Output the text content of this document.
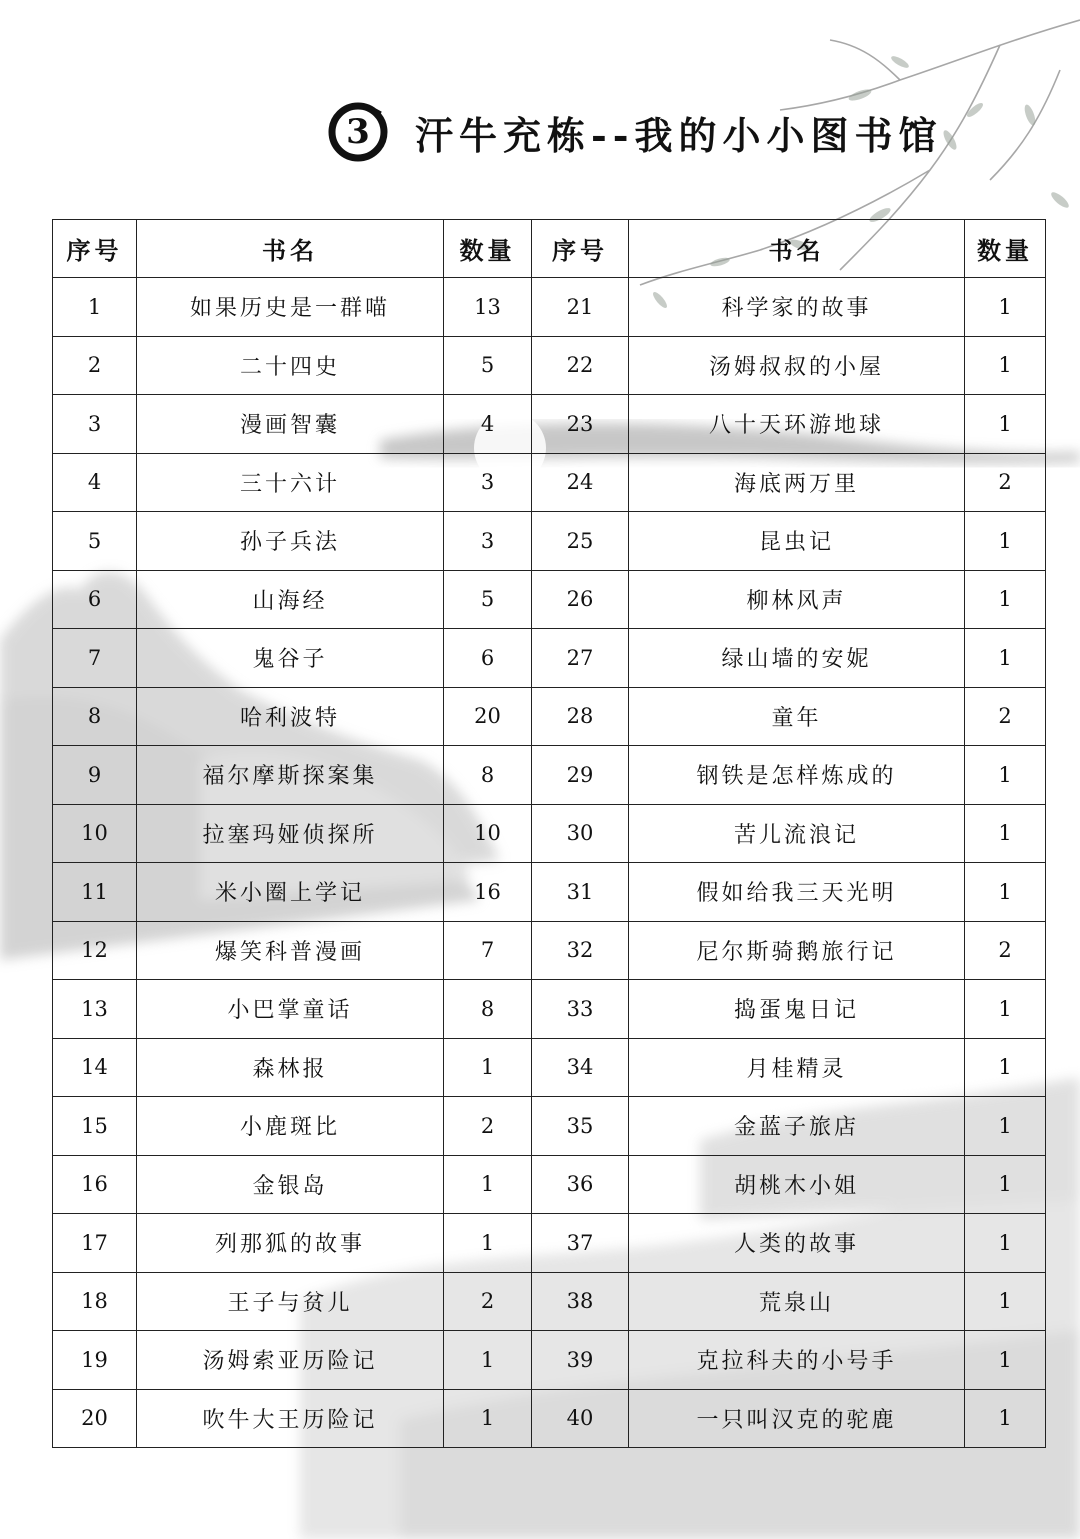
3	汗牛充栋--我的小小图书馆
序号	书名	数量	序号	书名	数量
1	如果历史是一群喵	13	21	科学家的故事	1
2	二十四史	5	22	汤姆叔叔的小屋	1
3	漫画智囊	4	23	八十天环游地球	1
4	三十六计	3	24	海底两万里	2
5	孙子兵法	3	25	昆虫记	1
6	山海经	5	26	柳林风声	1
7	鬼谷子	6	27	绿山墙的安妮	1
8	哈利波特	20	28	童年	2
9	福尔摩斯探案集	8	29	钢铁是怎样炼成的	1
10	拉塞玛娅侦探所	10	30	苦儿流浪记	1
11	米小圈上学记	16	31	假如给我三天光明	1
12	爆笑科普漫画	7	32	尼尔斯骑鹅旅行记	2
13	小巴掌童话	8	33	捣蛋鬼日记	1
14	森林报	1	34	月桂精灵	1
15	小鹿斑比	2	35	金蓝子旅店	1
16	金银岛	1	36	胡桃木小姐	1
17	列那狐的故事	1	37	人类的故事	1
18	王子与贫儿	2	38	荒泉山	1
19	汤姆索亚历险记	1	39	克拉科夫的小号手	1
20	吹牛大王历险记	1	40	一只叫汉克的驼鹿	1
